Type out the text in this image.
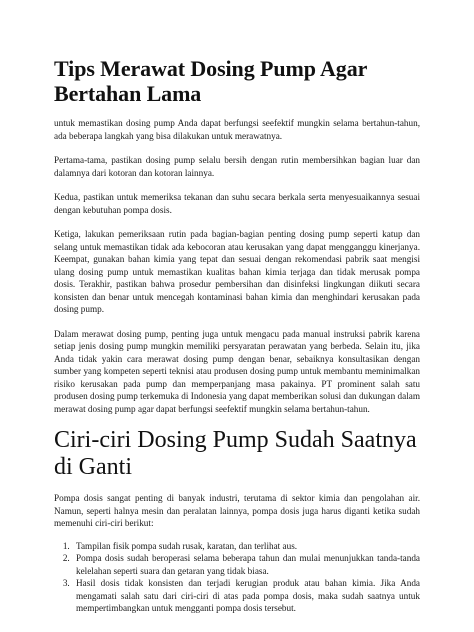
Tips Merawat Dosing Pump Agar Bertahan Lama

untuk memastikan dosing pump Anda dapat berfungsi seefektif mungkin selama bertahun-tahun, ada beberapa langkah yang bisa dilakukan untuk merawatnya.

Pertama-tama, pastikan dosing pump selalu bersih dengan rutin membersihkan bagian luar dan dalamnya dari kotoran dan kotoran lainnya.

Kedua, pastikan untuk memeriksa tekanan dan suhu secara berkala serta menyesuaikannya sesuai dengan kebutuhan pompa dosis.

Ketiga, lakukan pemeriksaan rutin pada bagian-bagian penting dosing pump seperti katup dan selang untuk memastikan tidak ada kebocoran atau kerusakan yang dapat mengganggu kinerjanya. Keempat, gunakan bahan kimia yang tepat dan sesuai dengan rekomendasi pabrik saat mengisi ulang dosing pump untuk memastikan kualitas bahan kimia terjaga dan tidak merusak pompa dosis. Terakhir, pastikan bahwa prosedur pembersihan dan disinfeksi lingkungan diikuti secara konsisten dan benar untuk mencegah kontaminasi bahan kimia dan menghindari kerusakan pada dosing pump.

Dalam merawat dosing pump, penting juga untuk mengacu pada manual instruksi pabrik karena setiap jenis dosing pump mungkin memiliki persyaratan perawatan yang berbeda. Selain itu, jika Anda tidak yakin cara merawat dosing pump dengan benar, sebaiknya konsultasikan dengan sumber yang kompeten seperti teknisi atau produsen dosing pump untuk membantu meminimalkan risiko kerusakan pada pump dan memperpanjang masa pakainya. PT prominent salah satu produsen dosing pump terkemuka di Indonesia yang dapat memberikan solusi dan dukungan dalam merawat dosing pump agar dapat berfungsi seefektif mungkin selama bertahun-tahun.

Ciri-ciri Dosing Pump Sudah Saatnya di Ganti

Pompa dosis sangat penting di banyak industri, terutama di sektor kimia dan pengolahan air. Namun, seperti halnya mesin dan peralatan lainnya, pompa dosis juga harus diganti ketika sudah memenuhi ciri-ciri berikut:

1. Tampilan fisik pompa sudah rusak, karatan, dan terlihat aus.
2. Pompa dosis sudah beroperasi selama beberapa tahun dan mulai menunjukkan tanda-tanda kelelahan seperti suara dan getaran yang tidak biasa.
3. Hasil dosis tidak konsisten dan terjadi kerugian produk atau bahan kimia. Jika Anda mengamati salah satu dari ciri-ciri di atas pada pompa dosis, maka sudah saatnya untuk mempertimbangkan untuk mengganti pompa dosis tersebut.
